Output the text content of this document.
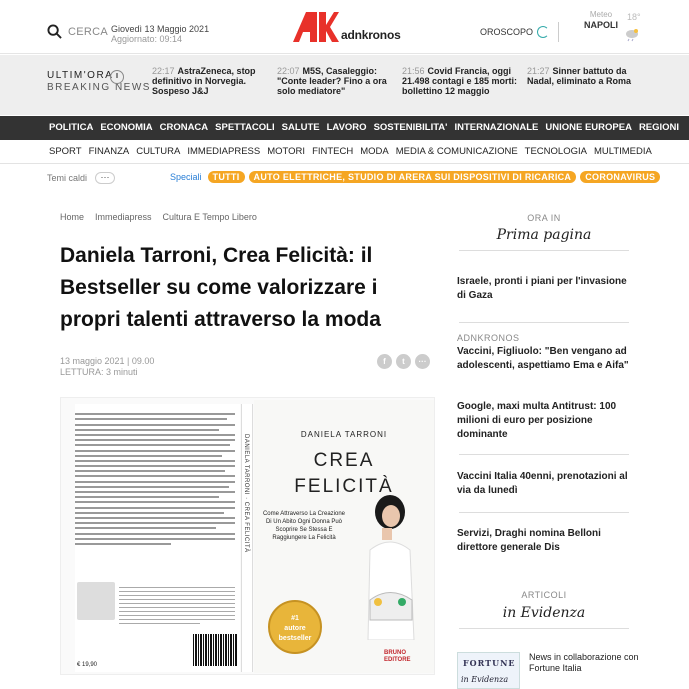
CERCA Giovedì 13 Maggio 2021
Aggiornato: 09:14	adnkronos	OROSCOPO
Meteo
NAPOLI
18°
ULTIM'ORA
BREAKING NEWS
22:17 AstraZeneca, stop definitivo in Norvegia. Sospeso J&J
22:07 M5S, Casaleggio: "Conte leader? Fino a ora solo mediatore"
21:56 Covid Francia, oggi 21.498 contagi e 185 morti: bollettino 12 maggio
21:27 Sinner battuto da Nadal, eliminato a Roma
POLITICA ECONOMIA CRONACA SPETTACOLI SALUTE LAVORO SOSTENIBILITA' INTERNAZIONALE UNIONE EUROPEA REGIONI
SPORT FINANZA CULTURA IMMEDIAPRESS MOTORI FINTECH MODA MEDIA & COMUNICAZIONE TECNOLOGIA MULTIMEDIA
Temi caldi	···	Speciali	TUTTI	AUTO ELETTRICHE, STUDIO DI ARERA SUI DISPOSITIVI DI RICARICA	CORONAVIRUS
Home Immediapress Cultura E Tempo Libero
Daniela Tarroni, Crea Felicità: il Bestseller su come valorizzare i propri talenti attraverso la moda
13 maggio 2021 | 09.00
LETTURA: 3 minuti
f	t	···
€ 19,90
DANIELA TARRONI · CREA FELICITÀ	DANIELA TARRONI
CREA
FELICITÀ
Come Attraverso La Creazione Di Un Abito Ogni Donna Può Scoprire Se Stessa E Raggiungere La Felicità
#1
autore
bestseller
BRUNO
EDITORE
ORA IN
Prima pagina
Israele, pronti i piani per l'invasione di Gaza
ADNKRONOS
Vaccini, Figliuolo: "Ben vengano ad adolescenti, aspettiamo Ema e Aifa"
Google, maxi multa Antitrust: 100 milioni di euro per posizione dominante
Vaccini Italia 40enni, prenotazioni al via da lunedì
Servizi, Draghi nomina Belloni direttore generale Dis
ARTICOLI
in Evidenza
FORTUNE
in Evidenza
News in collaborazione con Fortune Italia
